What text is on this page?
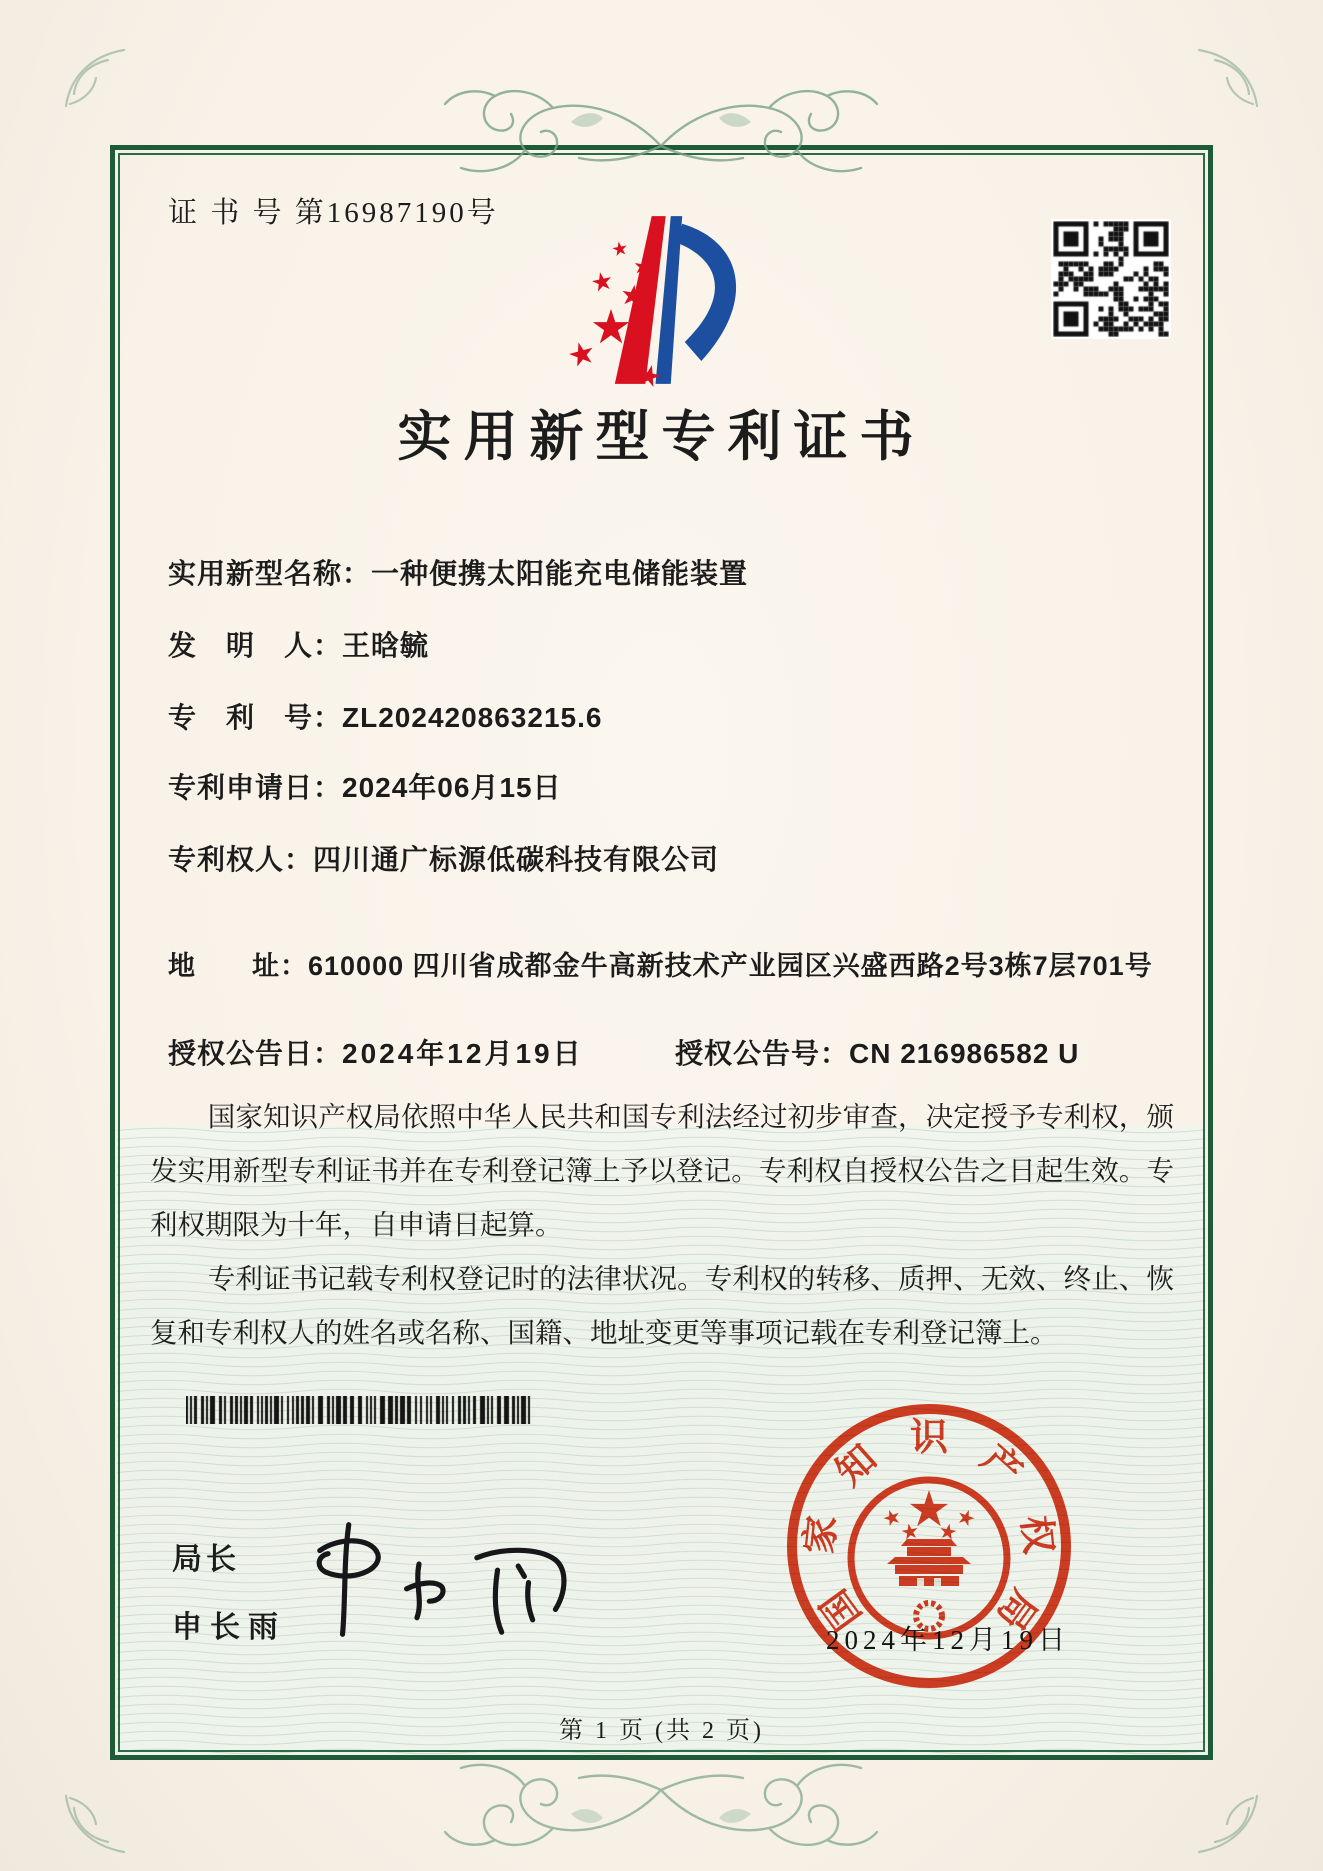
证 书 号 第16987190号
实用新型专利证书
实用新型名称：一种便携太阳能充电储能装置
发　明　人：王晗毓
专　利　号：ZL202420863215.6
专利申请日：2024年06月15日
专利权人：四川通广标源低碳科技有限公司
地　　址：610000 四川省成都金牛高新技术产业园区兴盛西路2号3栋7层701号
授权公告日：2024年12月19日	授权公告号：CN 216986582 U

国家知识产权局依照中华人民共和国专利法经过初步审查，决定授予专利权，颁发实用新型专利证书并在专利登记簿上予以登记。专利权自授权公告之日起生效。专利权期限为十年，自申请日起算。

专利证书记载专利权登记时的法律状况。专利权的转移、质押、无效、终止、恢复和专利权人的姓名或名称、国籍、地址变更等事项记载在专利登记簿上。

局长
申长雨	国
家
知 识 产
权
局
2024年12月19日
第 1 页 (共 2 页)
